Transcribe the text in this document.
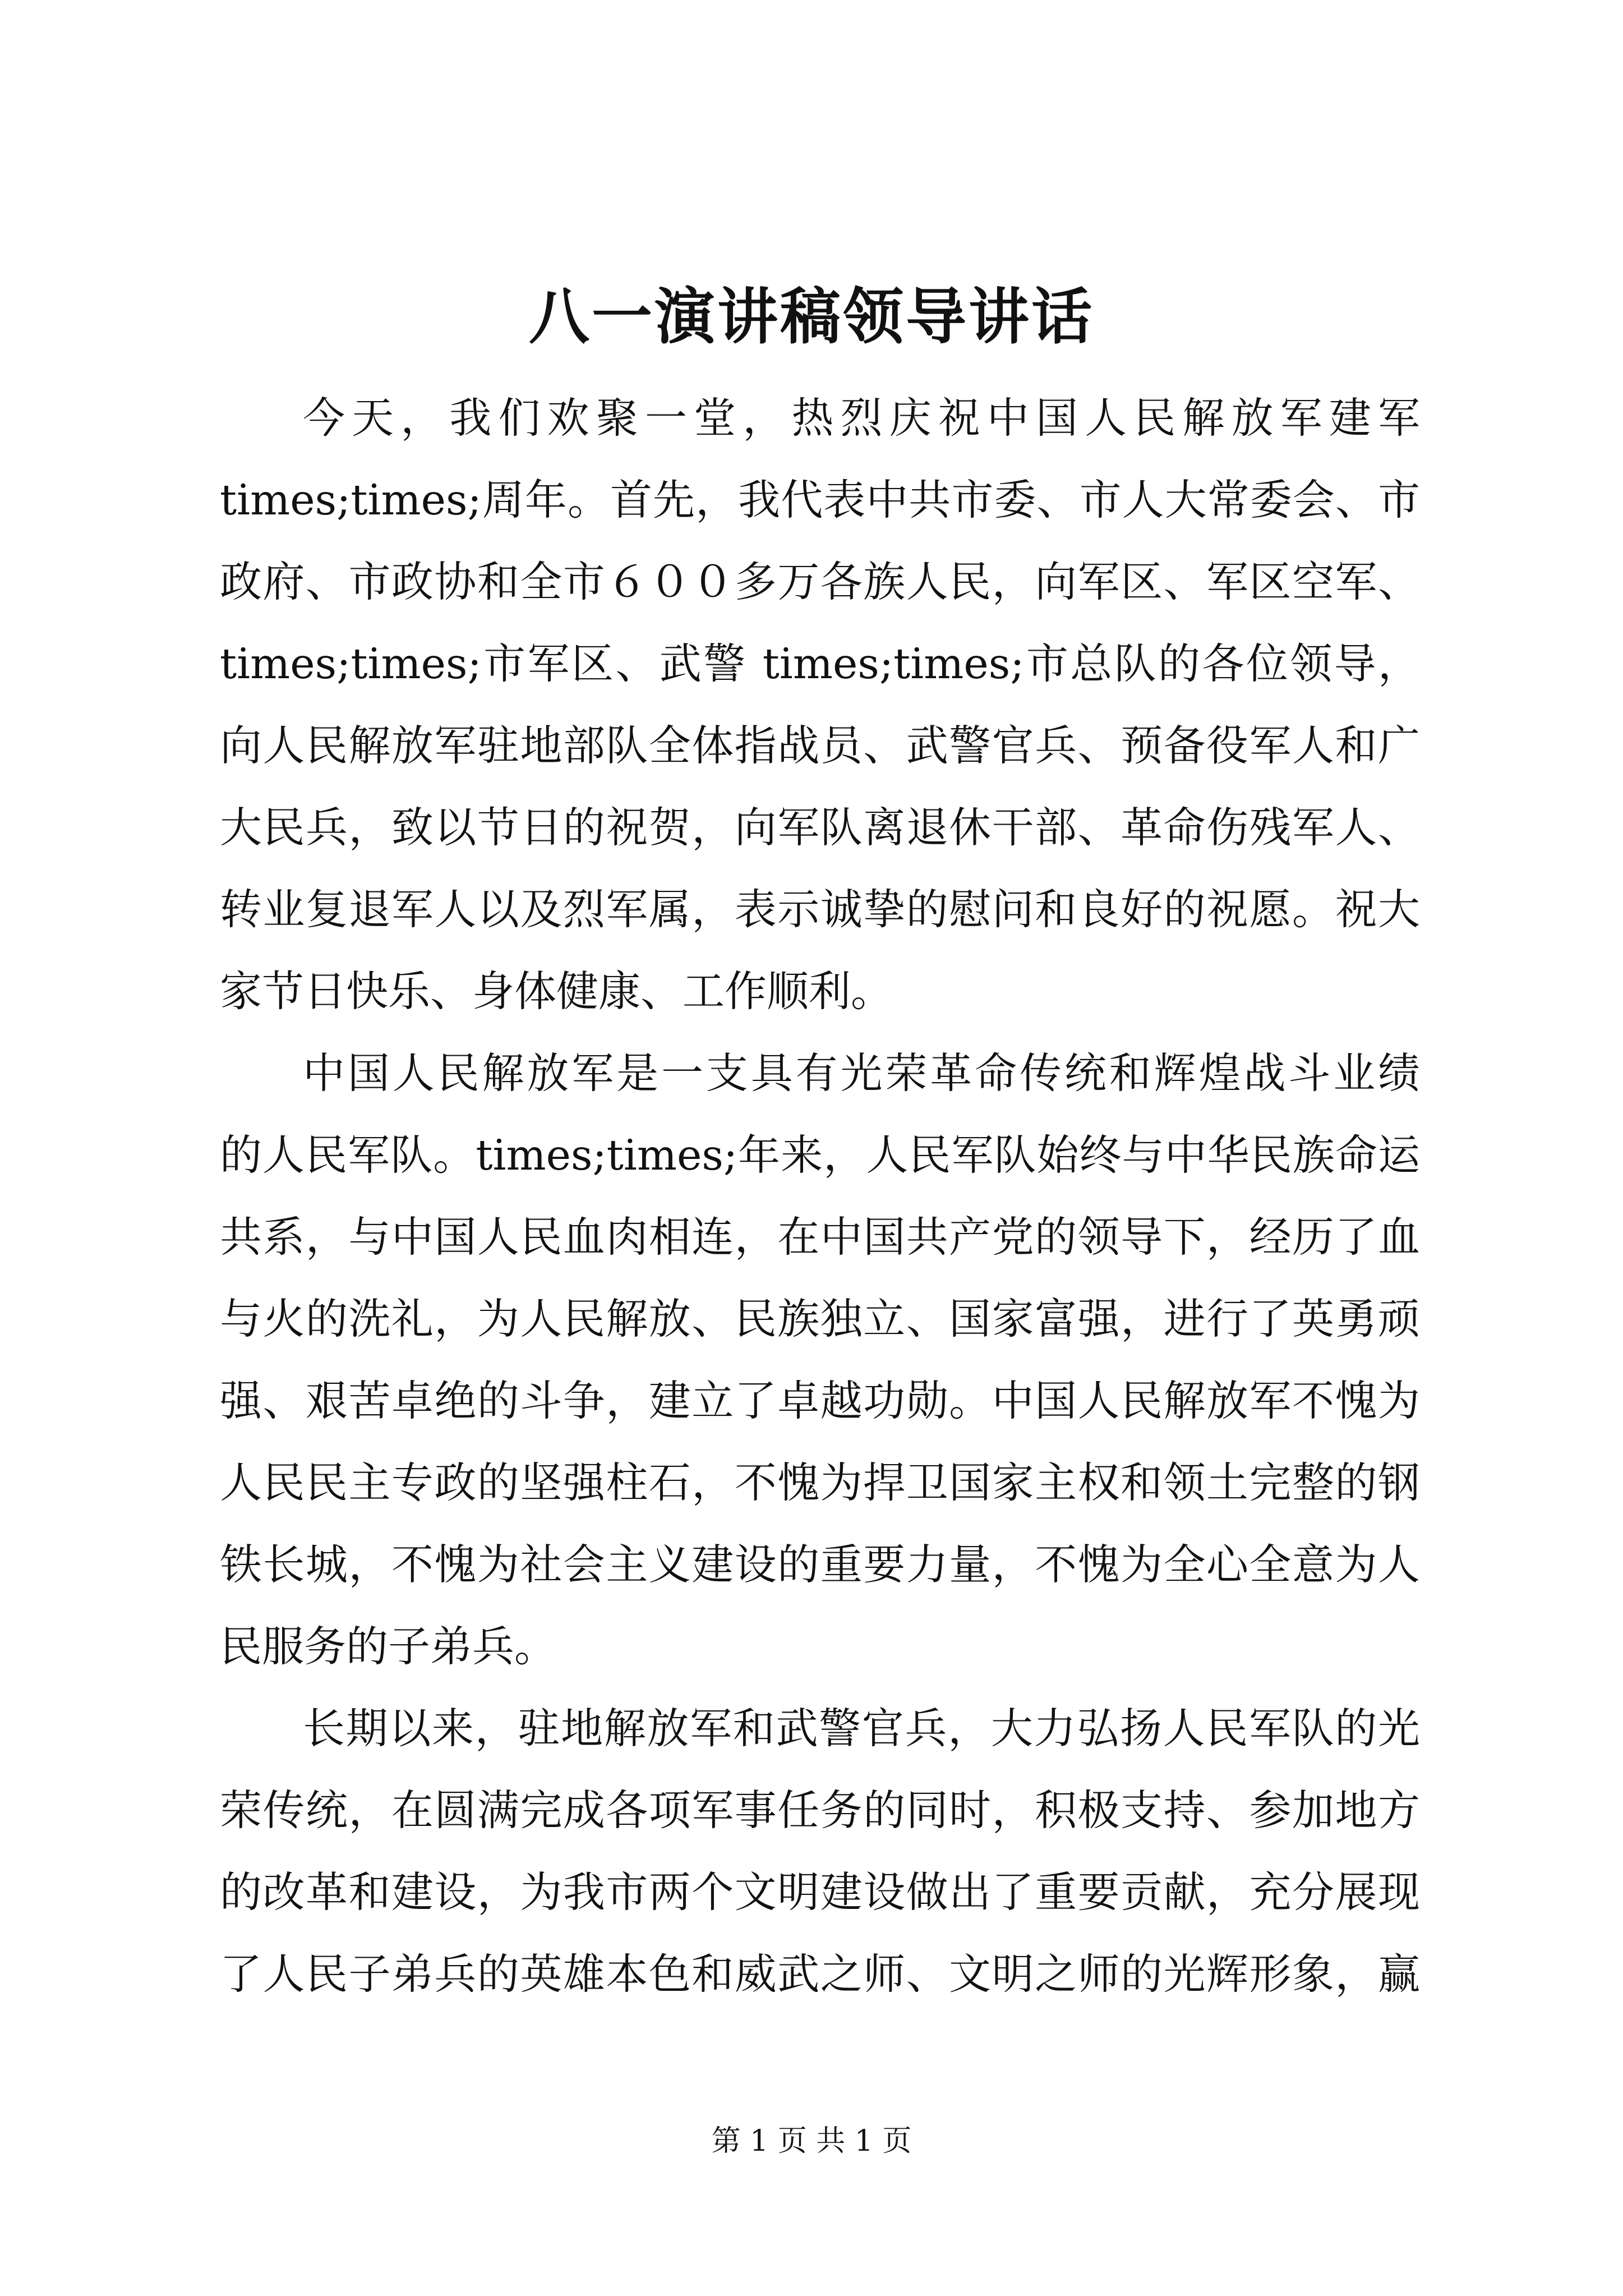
八一演讲稿领导讲话
今天，我们欢聚一堂，热烈庆祝中国人民解放军建军
times;times;周年。首先，我代表中共市委、市人大常委会、市
政府、市政协和全市６００多万各族人民，向军区、军区空军、
times;times;市军区、武警 times;times;市总队的各位领导，
向人民解放军驻地部队全体指战员、武警官兵、预备役军人和广
大民兵，致以节日的祝贺，向军队离退休干部、革命伤残军人、
转业复退军人以及烈军属，表示诚挚的慰问和良好的祝愿。祝大
家节日快乐、身体健康、工作顺利。
中国人民解放军是一支具有光荣革命传统和辉煌战斗业绩
的人民军队。times;times;年来，人民军队始终与中华民族命运
共系，与中国人民血肉相连，在中国共产党的领导下，经历了血
与火的洗礼，为人民解放、民族独立、国家富强，进行了英勇顽
强、艰苦卓绝的斗争，建立了卓越功勋。中国人民解放军不愧为
人民民主专政的坚强柱石，不愧为捍卫国家主权和领土完整的钢
铁长城，不愧为社会主义建设的重要力量，不愧为全心全意为人
民服务的子弟兵。
长期以来，驻地解放军和武警官兵，大力弘扬人民军队的光
荣传统，在圆满完成各项军事任务的同时，积极支持、参加地方
的改革和建设，为我市两个文明建设做出了重要贡献，充分展现
了人民子弟兵的英雄本色和威武之师、文明之师的光辉形象，赢
第 1 页 共 1 页
